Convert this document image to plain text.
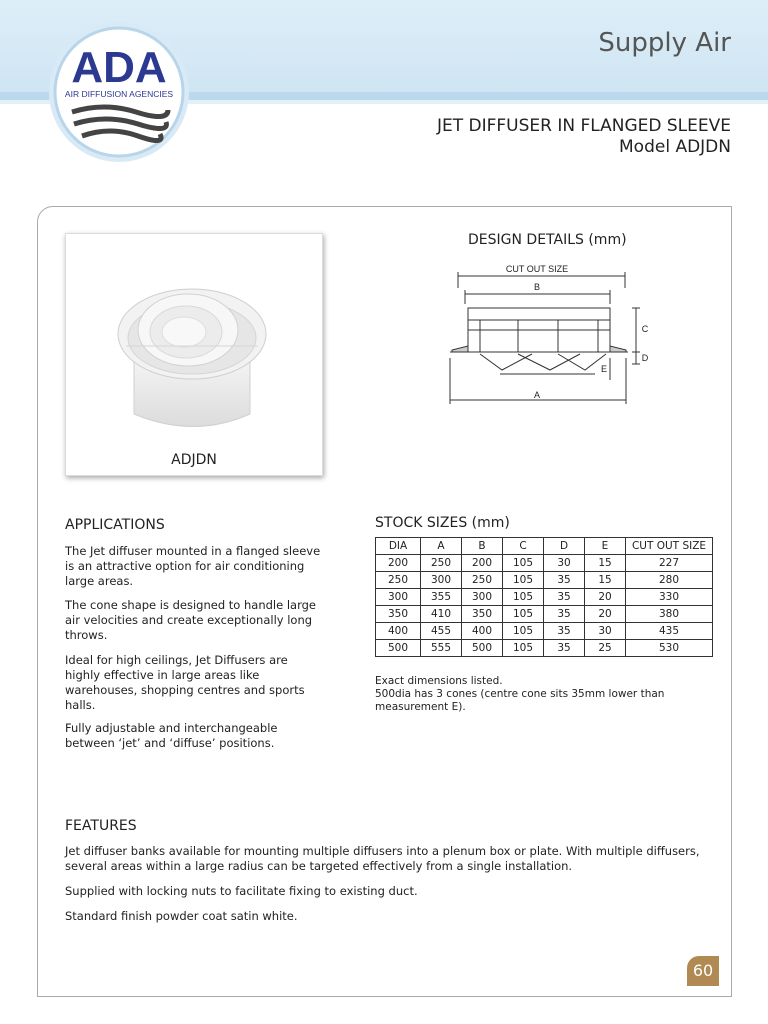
Supply Air
ADA
AIR DIFFUSION AGENCIES
JET DIFFUSER IN FLANGED SLEEVE
Model ADJDN
ADJDN
DESIGN DETAILS (mm)
CUT OUT SIZE
B
C
D
E
A
APPLICATIONS

The Jet diffuser mounted in a flanged sleeve is an attractive option for air conditioning large areas.

The cone shape is designed to handle large air velocities and create exceptionally long throws.

Ideal for high ceilings, Jet Diffusers are highly effective in large areas like warehouses, shopping centres and sports halls.

Fully adjustable and interchangeable between ‘jet’ and ‘diffuse’ positions.

STOCK SIZES (mm)
DIA	A	B	C	D	E	CUT OUT SIZE
200	250	200	105	30	15	227
250	300	250	105	35	15	280
300	355	300	105	35	20	330
350	410	350	105	35	20	380
400	455	400	105	35	30	435
500	555	500	105	35	25	530
Exact dimensions listed.
500dia has 3 cones (centre cone sits 35mm lower than measurement E).
FEATURES

Jet diffuser banks available for mounting multiple diffusers into a plenum box or plate. With multiple diffusers, several areas within a large radius can be targeted effectively from a single installation.

Supplied with locking nuts to facilitate fixing to existing duct.

Standard finish powder coat satin white.

60
